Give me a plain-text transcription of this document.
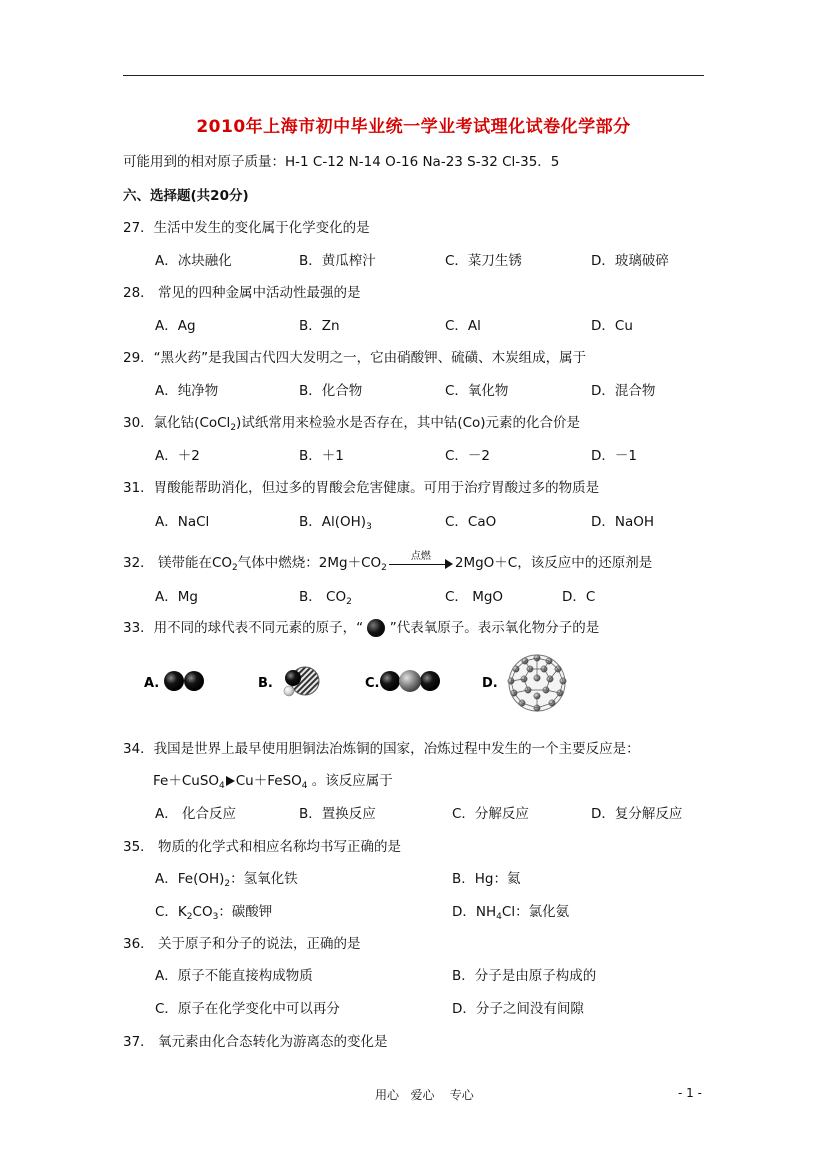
2010年上海市初中毕业统一学业考试理化试卷化学部分
可能用到的相对原子质量：H-1 C-12 N-14 O-16 Na-23 S-32 Cl-35．5
六、选择题(共20分)
27．生活中发生的变化属于化学变化的是
A．冰块融化	B．黄瓜榨汁	C．菜刀生锈	D．玻璃破碎
28． 常见的四种金属中活动性最强的是
A．Ag	B．Zn	C．Al	D．Cu
29．“黑火药”是我国古代四大发明之一，它由硝酸钾、硫磺、木炭组成，属于
A．纯净物	B．化合物	C．氧化物	D．混合物
30．氯化钴(CoCl$_2$)试纸常用来检验水是否存在，其中钴(Co)元素的化合价是
A．＋2	B．＋1	C．－2	D．－1
31．胃酸能帮助消化，但过多的胃酸会危害健康。可用于治疗胃酸过多的物质是
A．NaCl	B．$Al(OH)_3$	C．CaO	D．NaOH
32． 镁带能在$CO_2$气体中燃烧：$2Mg+CO_2$
点燃	2MgO＋C，该反应中的还原剂是
A．Mg	B． $CO_2$	C． MgO	D．C
33．用不同的球代表不同元素的原子，“ ”代表氧原子。表示氧化物分子的是
A.	B.	C.	D.
34．我国是世界上最早使用胆铜法冶炼铜的国家，冶炼过程中发生的一个主要反应是：
Fe＋CuSO$_4$ Cu＋FeSO$_4$ 。该反应属于
A． 化合反应	B．置换反应	C．分解反应	D．复分解反应
35． 物质的化学式和相应名称均书写正确的是
A．$Fe(OH)_2$：氢氧化铁	B．Hg：氦
C．$K_2CO_3$：碳酸钾	D．$NH_4Cl$：氯化氨
36． 关于原子和分子的说法，正确的是
A．原子不能直接构成物质	B．分子是由原子构成的
C．原子在化学变化中可以再分	D．分子之间没有间隙
37． 氧元素由化合态转化为游离态的变化是
用心   爱心    专心	- 1 -
